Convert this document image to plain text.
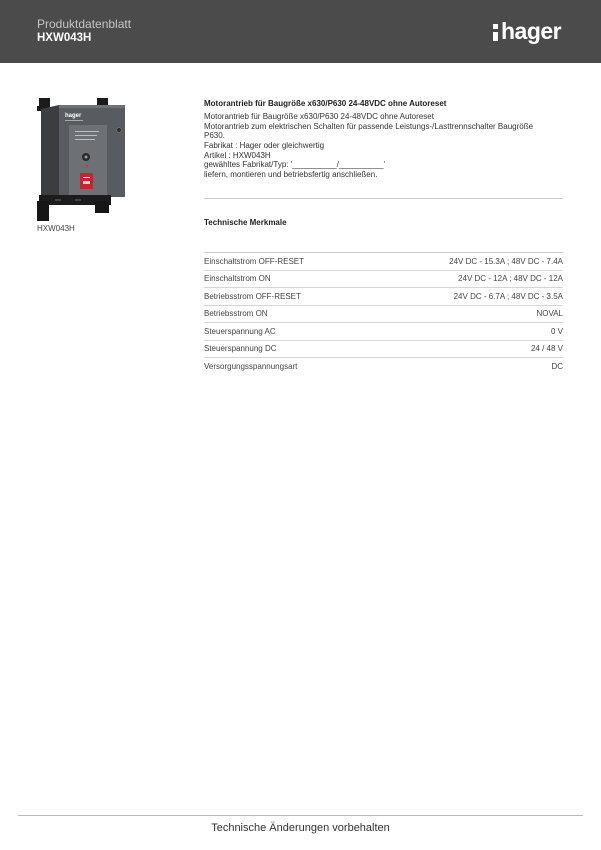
Produktdatenblatt
HXW043H	hager
hager
HXW043H
Motorantrieb für Baugröße x630/P630 24-48VDC ohne Autoreset
Motorantrieb für Baugröße x630/P630 24-48VDC ohne Autoreset
Motorantrieb zum elektrischen Schalten für passende Leistungs-/Lasttrennschalter Baugröße
P630.
Fabrikat : Hager oder gleichwertig
Artikel : HXW043H
gewähltes Fabrikat/Typ: '__________/__________'
liefern, montieren und betriebsfertig anschließen.
Technische Merkmale
Einschaltstrom OFF-RESET	24V DC - 15.3A ; 48V DC - 7.4A
Einschaltstrom ON	24V DC - 12A ; 48V DC - 12A
Betriebsstrom OFF-RESET	24V DC - 6.7A ; 48V DC - 3.5A
Betriebsstrom ON	NOVAL
Steuerspannung AC	0 V
Steuerspannung DC	24 / 48 V
Versorgungsspannungsart	DC
Technische Änderungen vorbehalten
